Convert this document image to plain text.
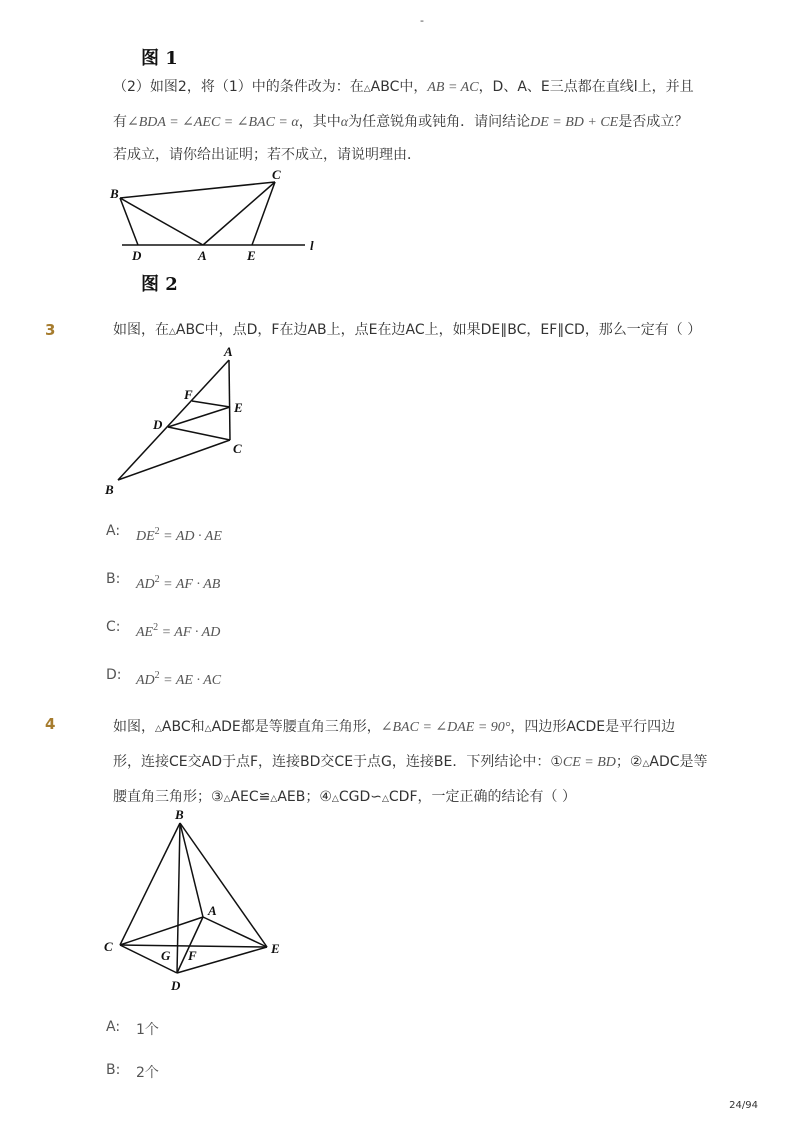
-
图 1
（2）如图2，将（1）中的条件改为：在△ABC中，AB = AC，D、A、E三点都在直线l上，并且
有∠BDA = ∠AEC = ∠BAC = α，其中α为任意锐角或钝角．请问结论DE = BD + CE是否成立？
若成立，请你给出证明；若不成立，请说明理由．
B
C
D	A	E
l
图 2
3	如图，在△ABC中，点D，F在边AB上，点E在边AC上，如果DE∥BC，EF∥CD，那么一定有（ ）
A
F
E
D
C
B
A: $DE^2$ = AD · AE
B: $AD^2$ = AF · AB
C: $AE^2$ = AF · AD
D: $AD^2$ = AE · AC
4	如图，△ABC和△ADE都是等腰直角三角形，∠BAC = ∠DAE = 90°，四边形ACDE是平行四边
形，连接CE交AD于点F，连接BD交CE于点G，连接BE．下列结论中：①CE = BD；②△ADC是等
腰直角三角形；③△AEC≌△AEB；④△CGD∽△CDF，一定正确的结论有（ ）
B
A
C
G F	E
D
A: 1个
B: 2个
24/94
